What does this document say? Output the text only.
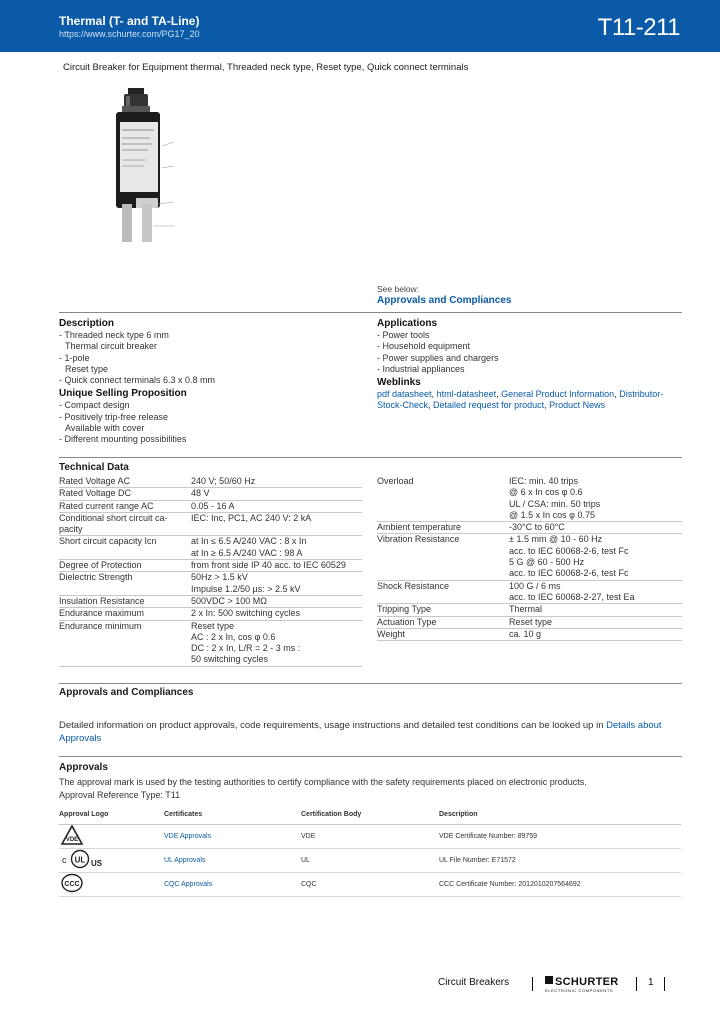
Thermal (T- and TA-Line)
https://www.schurter.com/PG17_20	T11-211
Circuit Breaker for Equipment thermal, Threaded neck type, Reset type, Quick connect terminals
See below:
Approvals and Compliances
Description
- Threaded neck type 6 mm
Thermal circuit breaker
- 1-pole
Reset type
- Quick connect terminals 6.3 x 0.8 mm
Unique Selling Proposition
- Compact design
- Positively trip-free release
Available with cover
- Different mounting possibilities
Applications
- Power tools
- Household equipment
- Power supplies and chargers
- Industrial appliances
Weblinks
pdf datasheet, html-datasheet, General Product Information, Distributor-Stock-Check, Detailed request for product, Product News
Technical Data
Rated Voltage AC	240 V; 50/60 Hz

Rated Voltage DC	48 V

Rated current range AC	0.05 - 16 A

Conditional short circuit ca-pacity	IEC: Inc, PC1, AC 240 V: 2 kA

Short circuit capacity Icn	at In ≤ 6.5 A/240 VAC : 8 x In
at In ≥ 6.5 A/240 VAC : 98 A

Degree of Protection	from front side IP 40 acc. to IEC 60529

Dielectric Strength	50Hz > 1.5 kV
Impulse 1.2/50 µs: > 2.5 kV

Insulation Resistance	500VDC > 100 MΩ

Endurance maximum	2 x In: 500 switching cycles

Endurance minimum	Reset type
AC : 2 x In, cos φ 0.6
DC : 2 x In, L/R = 2 - 3 ms :
50 switching cycles
Overload	IEC: min. 40 trips
@ 6 x In cos φ 0.6
UL / CSA: min. 50 trips
@ 1.5 x In cos φ 0.75

Ambient temperature	-30°C to 60°C

Vibration Resistance	± 1.5 mm @ 10 - 60 Hz
acc. to IEC 60068-2-6, test Fc
5 G @ 60 - 500 Hz
acc. to IEC 60068-2-6, test Fc

Shock Resistance	100 G / 6 ms
acc. to IEC 60068-2-27, test Ea

Tripping Type	Thermal

Actuation Type	Reset type

Weight	ca. 10 g
Approvals and Compliances
Detailed information on product approvals, code requirements, usage instructions and detailed test conditions can be looked up in Details about Approvals
Approvals
The approval mark is used by the testing authorities to certify compliance with the safety requirements placed on electronic products.
Approval Reference Type: T11
Approval Logo	Certificates	Certification Body	Description

VDE	VDE Approvals	VDE	VDE Certificate Number: 89759

c UL US	UL Approvals	UL	UL File Number: E71572

CCC	CQC Approvals	CQC	CCC Certificate Number: 2012010207564692
Circuit Breakers	SCHURTER
ELECTRONIC COMPONENTS
1
